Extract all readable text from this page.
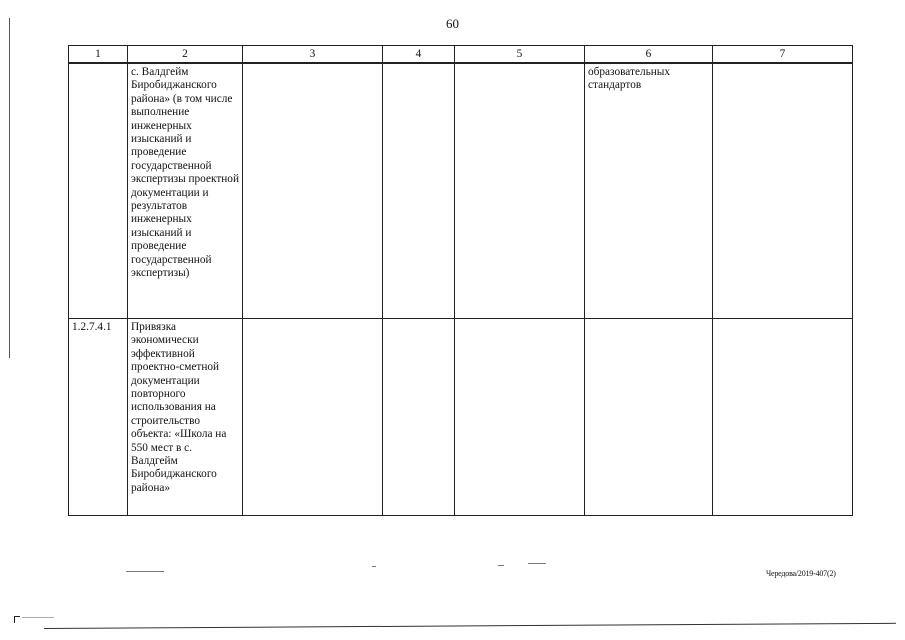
60
1	2	3	4	5	6	7
	с. Валдгейм Биробиджанского района» (в том числе выполнение инженерных изысканий и проведение государственной экспертизы проектной документации и результатов инженерных изысканий и проведение государственной экспертизы)				образовательных стандартов	
1.2.7.4.1	Привязка экономически эффективной проектно-сметной документации повторного использования на строительство объекта: «Школа на 550 мест в с. Валдгейм Биробиджанского района»					
Чередова/2019-407(2)
